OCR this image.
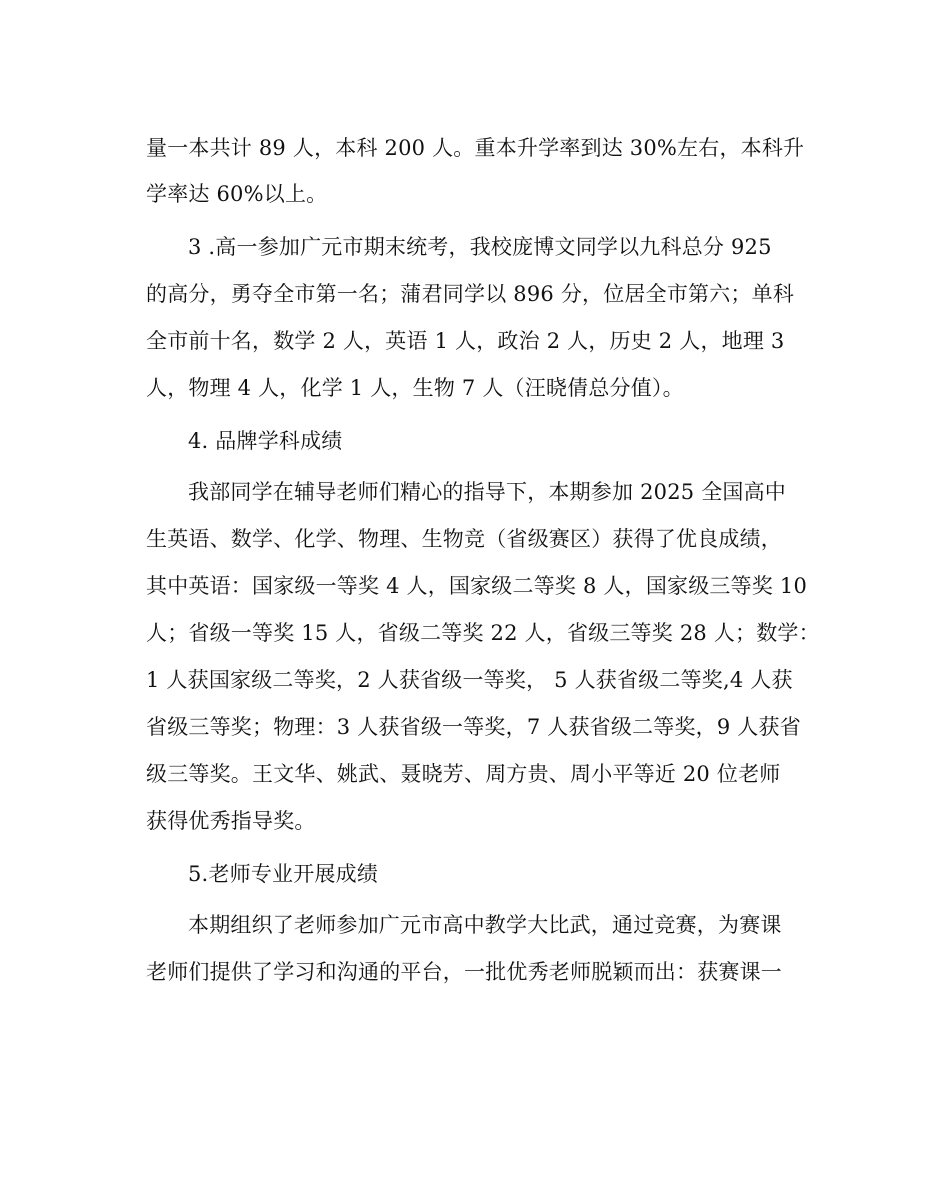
量一本共计 89 人，本科 200 人。重本升学率到达 30%左右，本科升
学率达 60%以上。
3 .高一参加广元市期末统考，我校庞博文同学以九科总分 925
的高分，勇夺全市第一名；蒲君同学以 896 分，位居全市第六；单科
全市前十名，数学 2 人，英语 1 人，政治 2 人，历史 2 人，地理 3
人，物理 4 人，化学 1 人，生物 7 人（汪晓倩总分值）。
4. 品牌学科成绩
我部同学在辅导老师们精心的指导下，本期参加 2025 全国高中
生英语、数学、化学、物理、生物竞（省级赛区）获得了优良成绩，
其中英语：国家级一等奖 4 人，国家级二等奖 8 人，国家级三等奖 10
人；省级一等奖 15 人，省级二等奖 22 人，省级三等奖 28 人；数学：
1 人获国家级二等奖，2 人获省级一等奖， 5 人获省级二等奖,4 人获
省级三等奖；物理：3 人获省级一等奖，7 人获省级二等奖，9 人获省
级三等奖。王文华、姚武、聂晓芳、周方贵、周小平等近 20 位老师
获得优秀指导奖。
5.老师专业开展成绩
本期组织了老师参加广元市高中教学大比武，通过竞赛，为赛课
老师们提供了学习和沟通的平台，一批优秀老师脱颖而出：获赛课一
